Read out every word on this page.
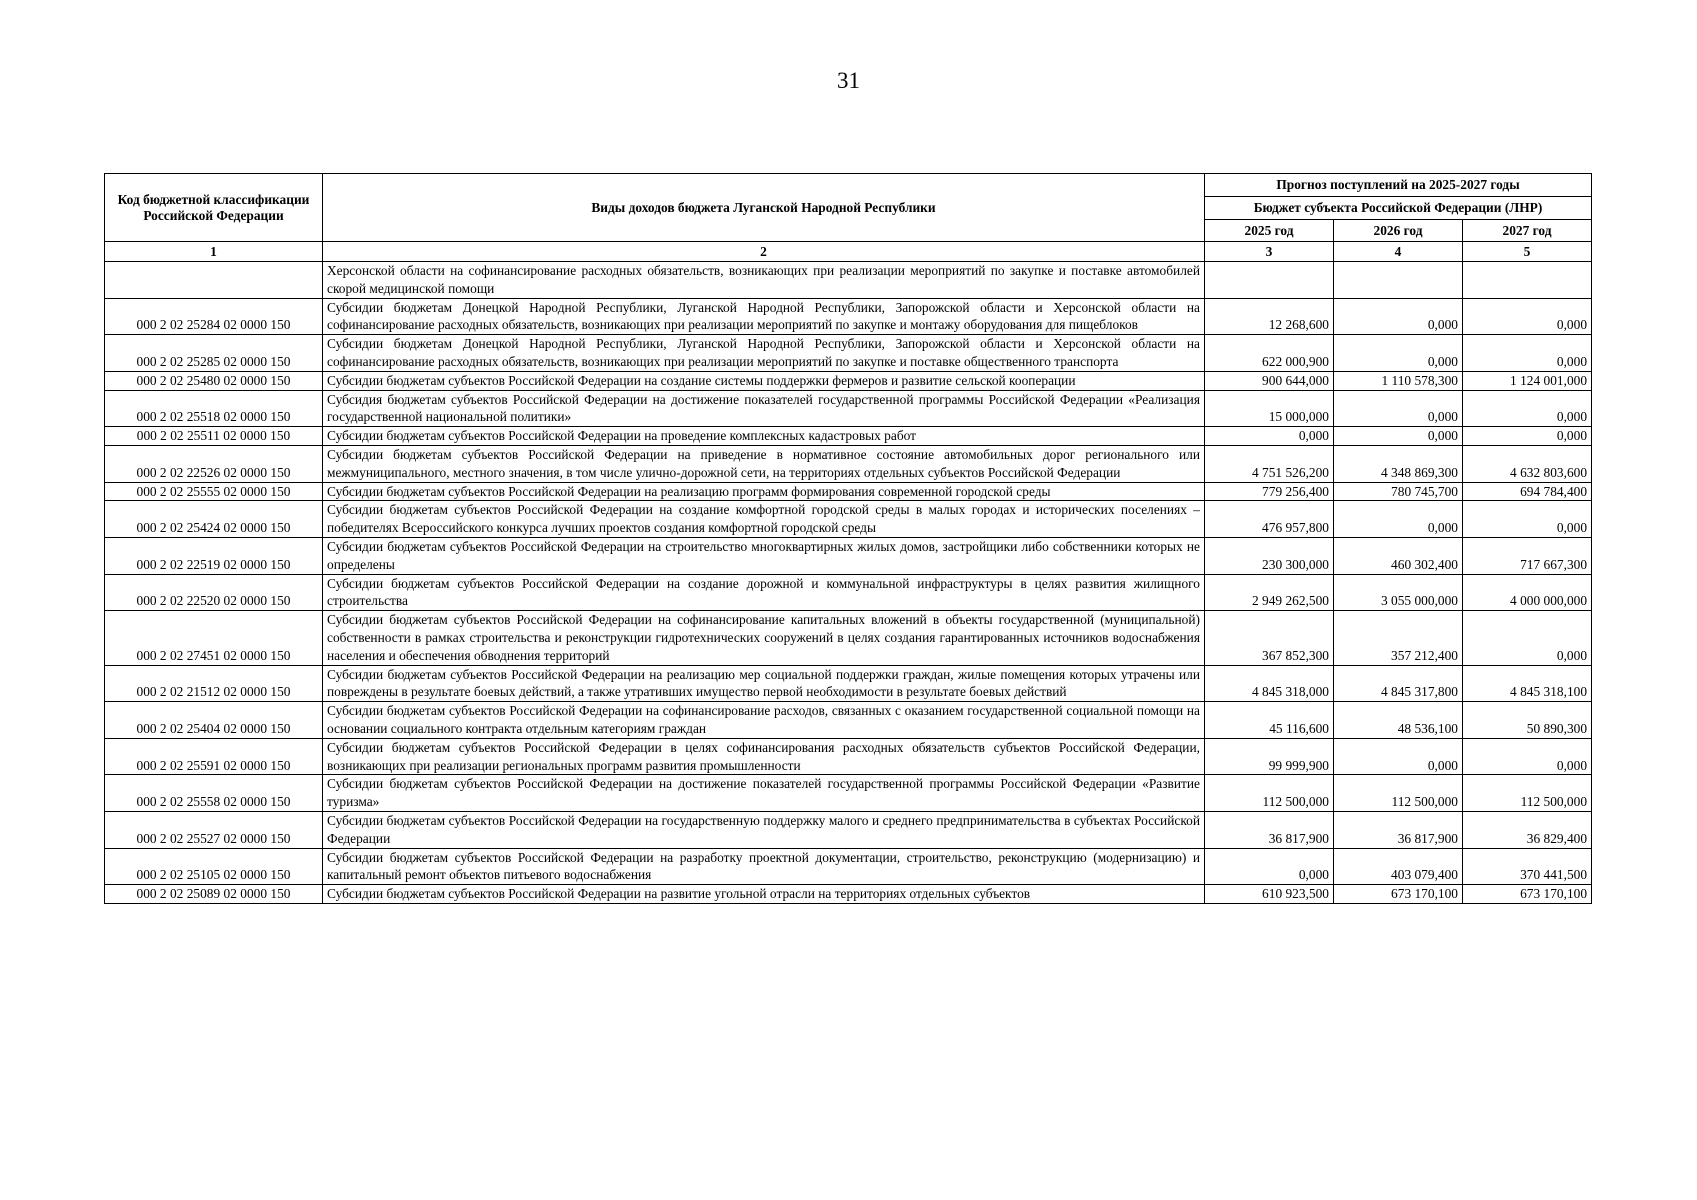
31
Код бюджетной классификации Российской Федерации	Виды доходов бюджета Луганской Народной Республики	Прогноз поступлений на 2025-2027 годы		
		Бюджет субъекта Российской Федерации (ЛНР)		
		2025 год	2026 год	2027 год
1	2	3	4	5
	Херсонской области на софинансирование расходных обязательств, возникающих при реализации мероприятий по закупке и поставке автомобилей скорой медицинской помощи			
000 2 02 25284 02 0000 150	Субсидии бюджетам Донецкой Народной Республики, Луганской Народной Республики, Запорожской области и Херсонской области на софинансирование расходных обязательств, возникающих при реализации мероприятий по закупке и монтажу оборудования для пищеблоков	12 268,600	0,000	0,000
000 2 02 25285 02 0000 150	Субсидии бюджетам Донецкой Народной Республики, Луганской Народной Республики, Запорожской области и Херсонской области на софинансирование расходных обязательств, возникающих при реализации мероприятий по закупке и поставке общественного транспорта	622 000,900	0,000	0,000
000 2 02 25480 02 0000 150	Субсидии бюджетам субъектов Российской Федерации на создание системы поддержки фермеров и развитие сельской кооперации	900 644,000	1 110 578,300	1 124 001,000
000 2 02 25518 02 0000 150	Субсидия бюджетам субъектов Российской Федерации на достижение показателей государственной программы Российской Федерации «Реализация государственной национальной политики»	15 000,000	0,000	0,000
000 2 02 25511 02 0000 150	Субсидии бюджетам субъектов Российской Федерации на проведение комплексных кадастровых работ	0,000	0,000	0,000
000 2 02 22526 02 0000 150	Субсидии бюджетам субъектов Российской Федерации на приведение в нормативное состояние автомобильных дорог регионального или межмуниципального, местного значения, в том числе улично-дорожной сети, на территориях отдельных субъектов Российской Федерации	4 751 526,200	4 348 869,300	4 632 803,600
000 2 02 25555 02 0000 150	Субсидии бюджетам субъектов Российской Федерации на реализацию программ формирования современной городской среды	779 256,400	780 745,700	694 784,400
000 2 02 25424 02 0000 150	Субсидии бюджетам субъектов Российской Федерации на создание комфортной городской среды в малых городах и исторических поселениях – победителях Всероссийского конкурса лучших проектов создания комфортной городской среды	476 957,800	0,000	0,000
000 2 02 22519 02 0000 150	Субсидии бюджетам субъектов Российской Федерации на строительство многоквартирных жилых домов, застройщики либо собственники которых не определены	230 300,000	460 302,400	717 667,300
000 2 02 22520 02 0000 150	Субсидии бюджетам субъектов Российской Федерации на создание дорожной и коммунальной инфраструктуры в целях развития жилищного строительства	2 949 262,500	3 055 000,000	4 000 000,000
000 2 02 27451 02 0000 150	Субсидии бюджетам субъектов Российской Федерации на софинансирование капитальных вложений в объекты государственной (муниципальной) собственности в рамках строительства и реконструкции гидротехнических сооружений в целях создания гарантированных источников водоснабжения населения и обеспечения обводнения территорий	367 852,300	357 212,400	0,000
000 2 02 21512 02 0000 150	Субсидии бюджетам субъектов Российской Федерации на реализацию мер социальной поддержки граждан, жилые помещения которых утрачены или повреждены в результате боевых действий, а также утративших имущество первой необходимости в результате боевых действий	4 845 318,000	4 845 317,800	4 845 318,100
000 2 02 25404 02 0000 150	Субсидии бюджетам субъектов Российской Федерации на софинансирование расходов, связанных с оказанием государственной социальной помощи на основании социального контракта отдельным категориям граждан	45 116,600	48 536,100	50 890,300
000 2 02 25591 02 0000 150	Субсидии бюджетам субъектов Российской Федерации в целях софинансирования расходных обязательств субъектов Российской Федерации, возникающих при реализации региональных программ развития промышленности	99 999,900	0,000	0,000
000 2 02 25558 02 0000 150	Субсидии бюджетам субъектов Российской Федерации на достижение показателей государственной программы Российской Федерации «Развитие туризма»	112 500,000	112 500,000	112 500,000
000 2 02 25527 02 0000 150	Субсидии бюджетам субъектов Российской Федерации на государственную поддержку малого и среднего предпринимательства в субъектах Российской Федерации	36 817,900	36 817,900	36 829,400
000 2 02 25105 02 0000 150	Субсидии бюджетам субъектов Российской Федерации на разработку проектной документации, строительство, реконструкцию (модернизацию) и капитальный ремонт объектов питьевого водоснабжения	0,000	403 079,400	370 441,500
000 2 02 25089 02 0000 150	Субсидии бюджетам субъектов Российской Федерации на развитие угольной отрасли на территориях отдельных субъектов	610 923,500	673 170,100	673 170,100
